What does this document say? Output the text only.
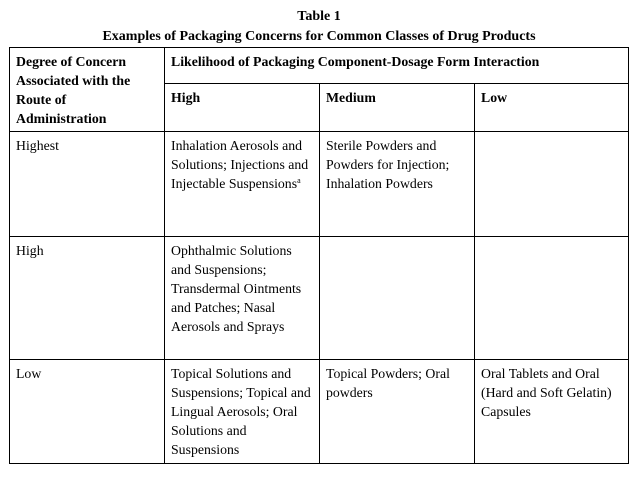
Table 1
Examples of Packaging Concerns for Common Classes of Drug Products
Degree of Concern Associated with the Route of Administration	Likelihood of Packaging Component-Dosage Form Interaction		
	High	Medium	Low
Highest	Inhalation Aerosols and Solutions; Injections and Injectable Suspensions$^a$	Sterile Powders and Powders for Injection; Inhalation Powders	
High	Ophthalmic Solutions and Suspensions; Transdermal Ointments and Patches; Nasal Aerosols and Sprays		
Low	Topical Solutions and Suspensions; Topical and Lingual Aerosols; Oral Solutions and Suspensions	Topical Powders; Oral powders	Oral Tablets and Oral (Hard and Soft Gelatin) Capsules
